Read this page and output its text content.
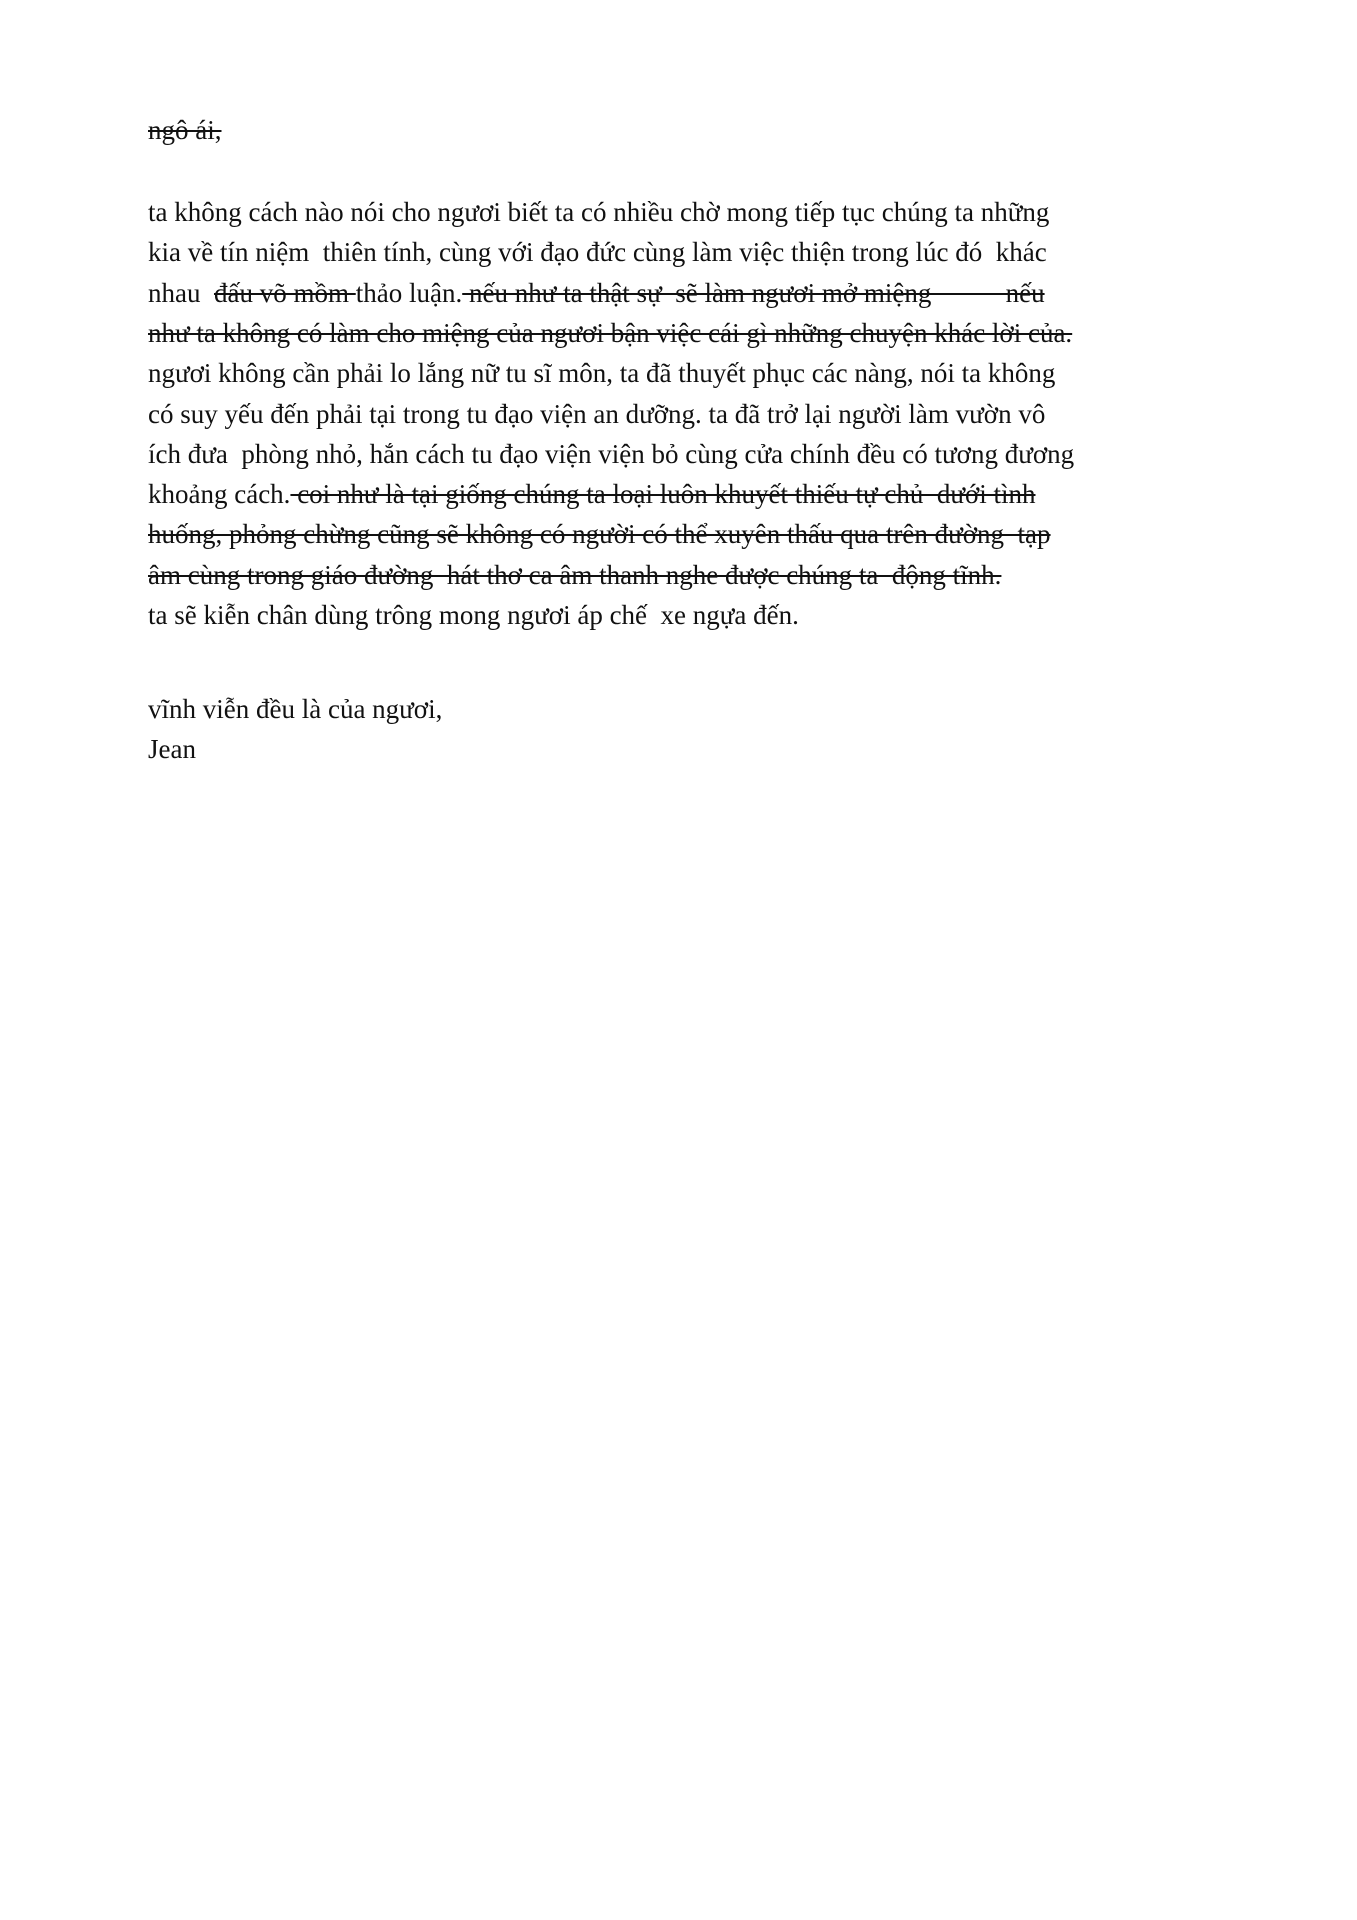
ngô ái,
ta không cách nào nói cho ngươi biết ta có nhiều chờ mong tiếp tục chúng ta những
kia về tín niệm  thiên tính, cùng với đạo đức cùng làm việc thiện trong lúc đó  khác
nhau  đấu võ mồm thảo luận. nếu như ta thật sự  sẽ làm ngươi mở miệng           nếu
như ta không có làm cho miệng của ngươi bận việc cái gì những chuyện khác lời của.
ngươi không cần phải lo lắng nữ tu sĩ môn, ta đã thuyết phục các nàng, nói ta không
có suy yếu đến phải tại trong tu đạo viện an dưỡng. ta đã trở lại người làm vườn vô
ích đưa  phòng nhỏ, hắn cách tu đạo viện viện bỏ cùng cửa chính đều có tương đương
khoảng cách. coi như là tại giống chúng ta loại luôn khuyết thiếu tự chủ  dưới tình
huống, phỏng chừng cũng sẽ không có người có thể xuyên thấu qua trên đường  tạp
âm cùng trong giáo đường  hát thơ ca âm thanh nghe được chúng ta  động tĩnh.
ta sẽ kiễn chân dùng trông mong ngươi áp chế  xe ngựa đến.
vĩnh viễn đều là của ngươi,
Jean
